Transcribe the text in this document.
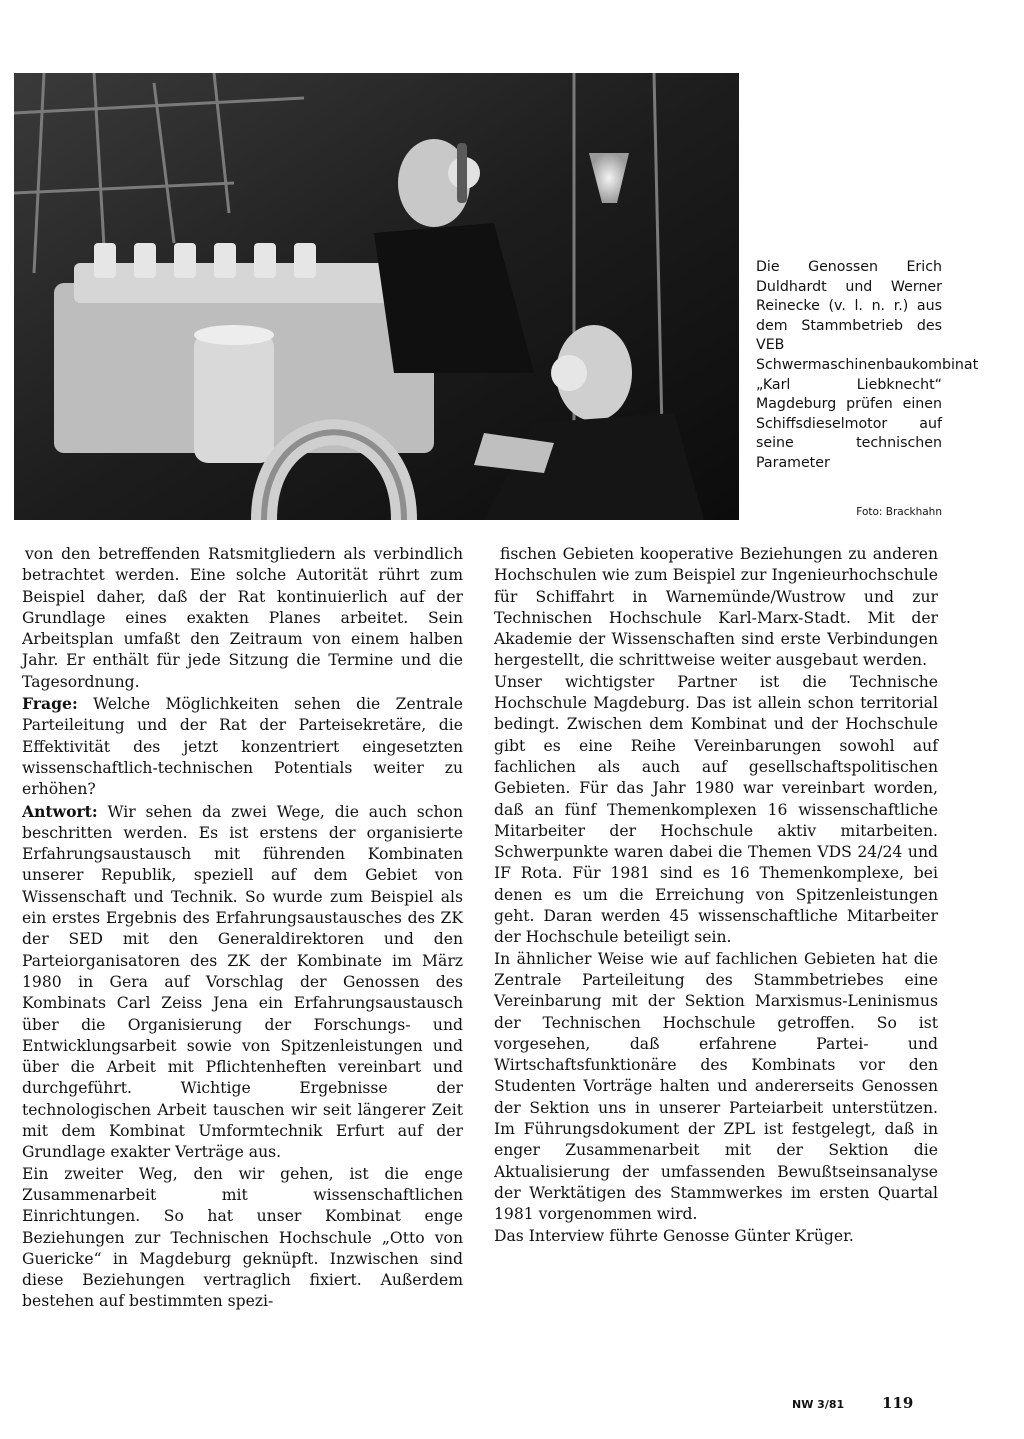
Die Genossen Erich Duldhardt und Werner Reinecke (v. l. n. r.) aus dem Stammbetrieb des VEB Schwermaschinenbaukombinat „Karl Liebknecht“ Magdeburg prüfen einen Schiffsdieselmotor auf seine technischen Parameter
Foto: Brackhahn

von den betreffenden Ratsmitgliedern als verbindlich betrachtet werden. Eine solche Autorität rührt zum Beispiel daher, daß der Rat kontinuierlich auf der Grundlage eines exakten Planes arbeitet. Sein Arbeitsplan umfaßt den Zeitraum von einem halben Jahr. Er enthält für jede Sitzung die Termine und die Tagesordnung.

Frage: Welche Möglichkeiten sehen die Zentrale Parteileitung und der Rat der Parteisekretäre, die Effektivität des jetzt konzentriert eingesetzten wissenschaftlich-technischen Potentials weiter zu erhöhen?

Antwort: Wir sehen da zwei Wege, die auch schon beschritten werden. Es ist erstens der organisierte Erfahrungsaustausch mit führenden Kombinaten unserer Republik, speziell auf dem Gebiet von Wissenschaft und Technik. So wurde zum Beispiel als ein erstes Ergebnis des Erfahrungsaustausches des ZK der SED mit den Generaldirektoren und den Parteiorganisatoren des ZK der Kombinate im März 1980 in Gera auf Vorschlag der Genossen des Kombinats Carl Zeiss Jena ein Erfahrungsaustausch über die Organisierung der Forschungs- und Entwicklungsarbeit sowie von Spitzenleistungen und über die Arbeit mit Pflichtenheften vereinbart und durchgeführt. Wichtige Ergebnisse der technologischen Arbeit tauschen wir seit längerer Zeit mit dem Kombinat Umformtechnik Erfurt auf der Grundlage exakter Verträge aus.

Ein zweiter Weg, den wir gehen, ist die enge Zusammenarbeit mit wissenschaftlichen Einrichtungen. So hat unser Kombinat enge Beziehungen zur Technischen Hochschule „Otto von Guericke“ in Magdeburg geknüpft. Inzwischen sind diese Beziehungen vertraglich fixiert. Außerdem bestehen auf bestimmten spezi-

fischen Gebieten kooperative Beziehungen zu anderen Hochschulen wie zum Beispiel zur Ingenieurhochschule für Schiffahrt in Warnemünde/Wustrow und zur Technischen Hochschule Karl-Marx-Stadt. Mit der Akademie der Wissenschaften sind erste Verbindungen hergestellt, die schrittweise weiter ausgebaut werden.

Unser wichtigster Partner ist die Technische Hochschule Magdeburg. Das ist allein schon territorial bedingt. Zwischen dem Kombinat und der Hochschule gibt es eine Reihe Vereinbarungen sowohl auf fachlichen als auch auf gesellschaftspolitischen Gebieten. Für das Jahr 1980 war vereinbart worden, daß an fünf Themenkomplexen 16 wissenschaftliche Mitarbeiter der Hochschule aktiv mitarbeiten. Schwerpunkte waren dabei die Themen VDS 24/24 und IF Rota. Für 1981 sind es 16 Themenkomplexe, bei denen es um die Erreichung von Spitzenleistungen geht. Daran werden 45 wissenschaftliche Mitarbeiter der Hochschule beteiligt sein.

In ähnlicher Weise wie auf fachlichen Gebieten hat die Zentrale Parteileitung des Stammbetriebes eine Vereinbarung mit der Sektion Marxismus-Leninismus der Technischen Hochschule getroffen. So ist vorgesehen, daß erfahrene Partei- und Wirtschaftsfunktionäre des Kombinats vor den Studenten Vorträge halten und andererseits Genossen der Sektion uns in unserer Parteiarbeit unterstützen. Im Führungsdokument der ZPL ist festgelegt, daß in enger Zusammenarbeit mit der Sektion die Aktualisierung der umfassenden Bewußtseinsanalyse der Werktätigen des Stammwerkes im ersten Quartal 1981 vorgenommen wird.

Das Interview führte Genosse Günter Krüger.

NW 3/81	119
